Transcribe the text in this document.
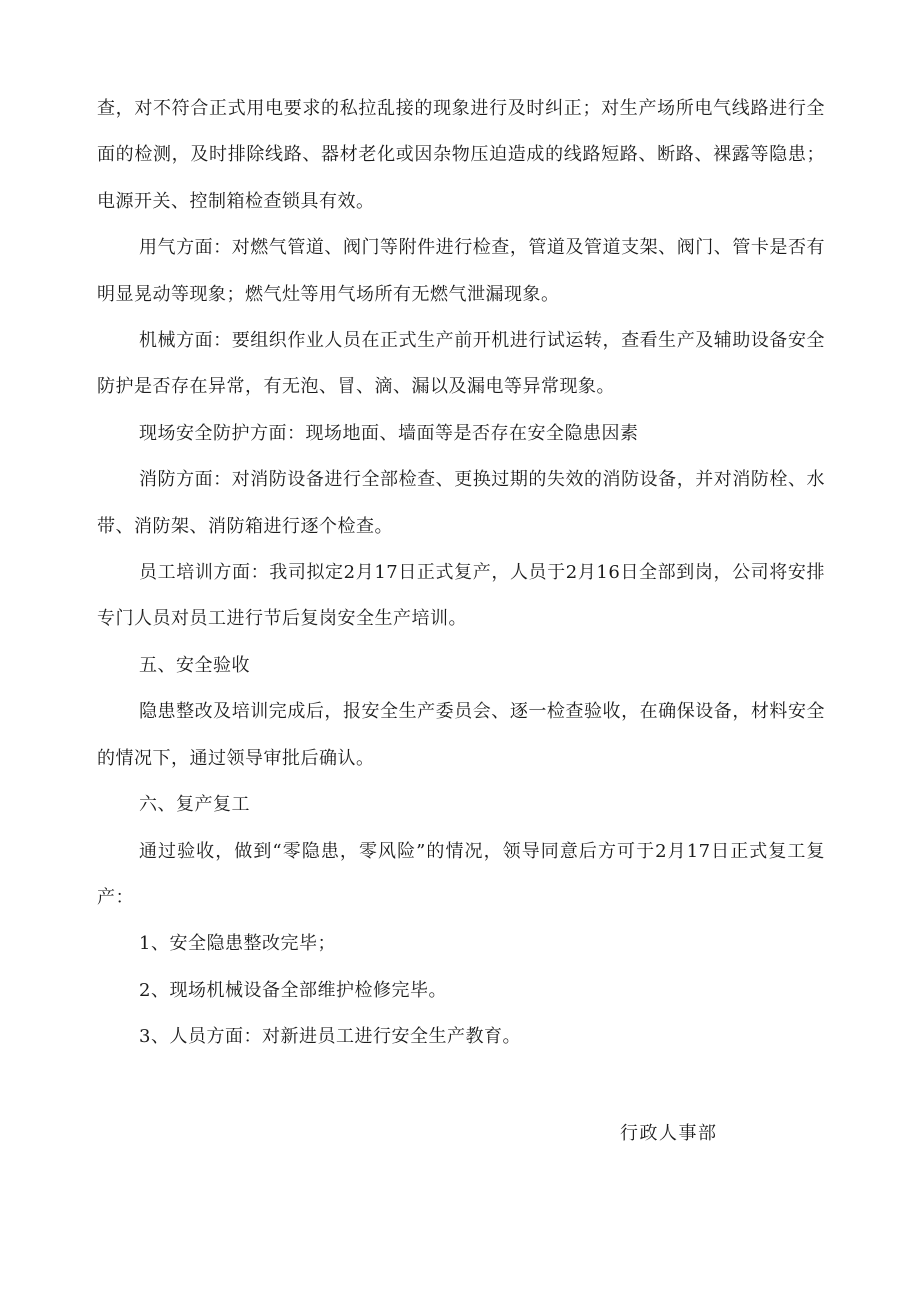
查，对不符合正式用电要求的私拉乱接的现象进行及时纠正；对生产场所电气线路进行全面的检测，及时排除线路、器材老化或因杂物压迫造成的线路短路、断路、裸露等隐患；电源开关、控制箱检查锁具有效。

用气方面：对燃气管道、阀门等附件进行检查，管道及管道支架、阀门、管卡是否有明显晃动等现象；燃气灶等用气场所有无燃气泄漏现象。

机械方面：要组织作业人员在正式生产前开机进行试运转，查看生产及辅助设备安全防护是否存在异常，有无泡、冒、滴、漏以及漏电等异常现象。

现场安全防护方面：现场地面、墙面等是否存在安全隐患因素

消防方面：对消防设备进行全部检查、更换过期的失效的消防设备，并对消防栓、水带、消防架、消防箱进行逐个检查。

员工培训方面：我司拟定2月17日正式复产，人员于2月16日全部到岗，公司将安排专门人员对员工进行节后复岗安全生产培训。

五、安全验收

隐患整改及培训完成后，报安全生产委员会、逐一检查验收，在确保设备，材料安全的情况下，通过领导审批后确认。

六、复产复工

通过验收，做到“零隐患，零风险”的情况，领导同意后方可于2月17日正式复工复产：

1、安全隐患整改完毕；

2、现场机械设备全部维护检修完毕。

3、人员方面：对新进员工进行安全生产教育。

行政人事部
